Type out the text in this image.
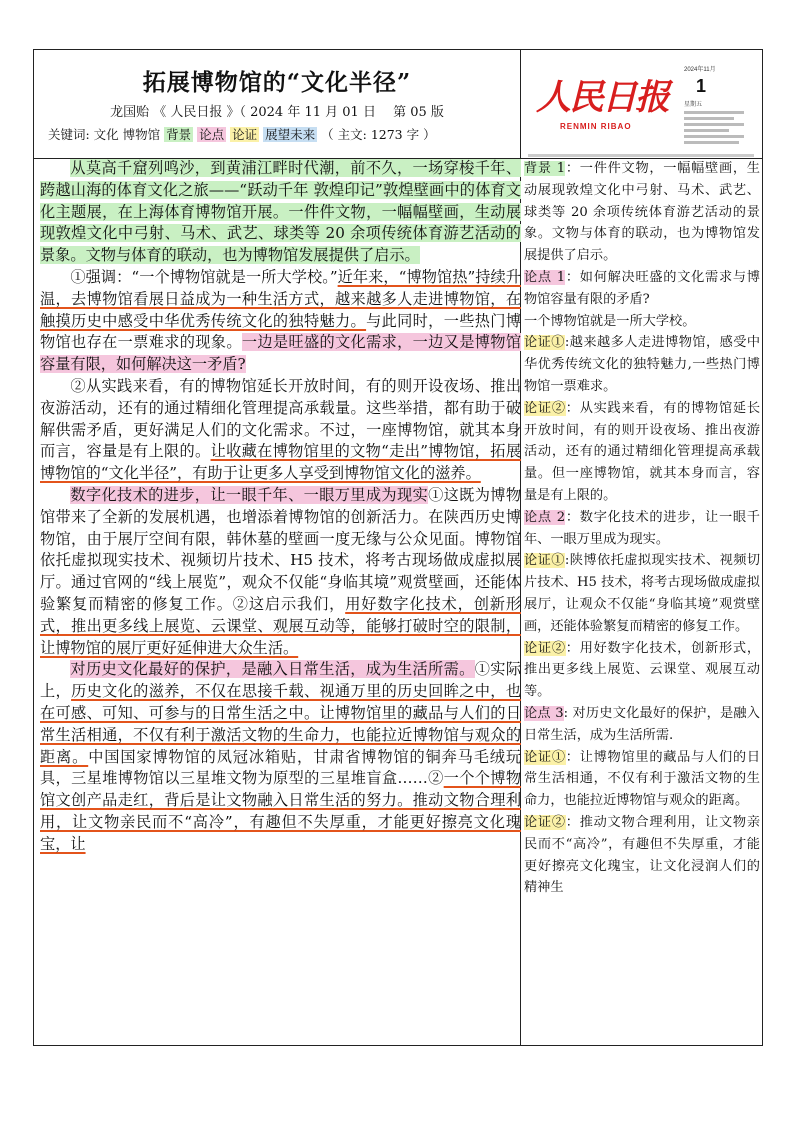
拓展博物馆的“文化半径”
龙国贻 《 人民日报 》（ 2024 年 11 月 01 日　 第 05 版
关键词: 文化 博物馆 背景 论点 论证 展望未来 （ 主文: 1273 字 ）
人民日报
RENMIN RIBAO
2024年11月
1
星期五

从莫高千窟列鸣沙，到黄浦江畔时代潮，前不久，一场穿梭千年、跨越山海的体育文化之旅——“跃动千年 敦煌印记”敦煌壁画中的体育文化主题展，在上海体育博物馆开展。一件件文物，一幅幅壁画，生动展现敦煌文化中弓射、马术、武艺、球类等 20 余项传统体育游艺活动的景象。文物与体育的联动，也为博物馆发展提供了启示。

①强调：“一个博物馆就是一所大学校。”近年来，“博物馆热”持续升温，去博物馆看展日益成为一种生活方式，越来越多人走进博物馆，在触摸历史中感受中华优秀传统文化的独特魅力。与此同时，一些热门博物馆也存在一票难求的现象。一边是旺盛的文化需求，一边又是博物馆容量有限，如何解决这一矛盾?

②从实践来看，有的博物馆延长开放时间，有的则开设夜场、推出夜游活动，还有的通过精细化管理提高承载量。这些举措，都有助于破解供需矛盾，更好满足人们的文化需求。不过，一座博物馆，就其本身而言，容量是有上限的。让收藏在博物馆里的文物“走出”博物馆，拓展博物馆的“文化半径”，有助于让更多人享受到博物馆文化的滋养。

数字化技术的进步，让一眼千年、一眼万里成为现实①这既为博物馆带来了全新的发展机遇，也增添着博物馆的创新活力。在陕西历史博物馆，由于展厅空间有限，韩休墓的壁画一度无缘与公众见面。博物馆依托虚拟现实技术、视频切片技术、H5 技术，将考古现场做成虚拟展厅。通过官网的“线上展览”，观众不仅能“身临其境”观赏壁画，还能体验繁复而精密的修复工作。②这启示我们，用好数字化技术，创新形式，推出更多线上展览、云课堂、观展互动等，能够打破时空的限制，让博物馆的展厅更好延伸进大众生活。

对历史文化最好的保护，是融入日常生活，成为生活所需。①实际上，历史文化的滋养，不仅在思接千载、视通万里的历史回眸之中，也在可感、可知、可参与的日常生活之中。让博物馆里的藏品与人们的日常生活相通，不仅有利于激活文物的生命力，也能拉近博物馆与观众的距离。中国国家博物馆的凤冠冰箱贴，甘肃省博物馆的铜奔马毛绒玩具，三星堆博物馆以三星堆文物为原型的三星堆盲盒……②一个个博物馆文创产品走红，背后是让文物融入日常生活的努力。推动文物合理利用，让文物亲民而不“高冷”，有趣但不失厚重，才能更好擦亮文化瑰宝，让

背景 1：一件件文物，一幅幅壁画，生动展现敦煌文化中弓射、马术、武艺、球类等 20 余项传统体育游艺活动的景象。文物与体育的联动，也为博物馆发展提供了启示。

论点 1：如何解决旺盛的文化需求与博物馆容量有限的矛盾?

一个博物馆就是一所大学校。

论证①:越来越多人走进博物馆，感受中华优秀传统文化的独特魅力,一些热门博物馆一票难求。

论证②：从实践来看，有的博物馆延长开放时间，有的则开设夜场、推出夜游活动，还有的通过精细化管理提高承载量。但一座博物馆，就其本身而言，容量是有上限的。

论点 2：数字化技术的进步，让一眼千年、一眼万里成为现实。

论证①:陕博依托虚拟现实技术、视频切片技术、H5 技术，将考古现场做成虚拟展厅，让观众不仅能“身临其境”观赏壁画，还能体验繁复而精密的修复工作。

论证②：用好数字化技术，创新形式，推出更多线上展览、云课堂、观展互动等。

论点 3: 对历史文化最好的保护，是融入日常生活，成为生活所需.

论证①：让博物馆里的藏品与人们的日常生活相通，不仅有利于激活文物的生命力，也能拉近博物馆与观众的距离。

论证②：推动文物合理利用，让文物亲民而不“高冷”，有趣但不失厚重，才能更好擦亮文化瑰宝，让文化浸润人们的精神生
